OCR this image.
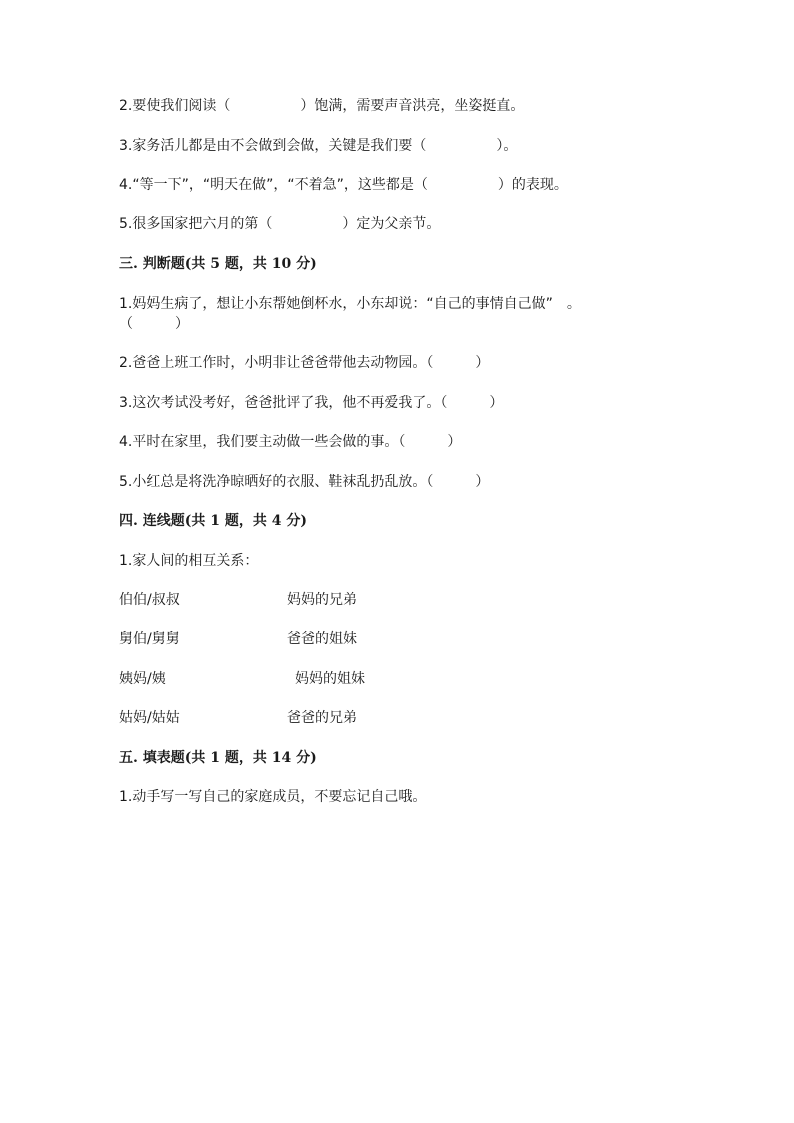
2.要使我们阅读（　　　　　）饱满，需要声音洪亮，坐姿挺直。
3.家务活儿都是由不会做到会做，关键是我们要（　　　　　）。
4.“等一下”，“明天在做”，“不着急”，这些都是（　　　　　）的表现。
5.很多国家把六月的第（　　　　　）定为父亲节。
三. 判断题(共 5 题，共 10 分)
1.妈妈生病了，想让小东帮她倒杯水，小东却说：“自己的事情自己做”　。
（　　　）
2.爸爸上班工作时，小明非让爸爸带他去动物园。（　　　）
3.这次考试没考好，爸爸批评了我，他不再爱我了。（　　　）
4.平时在家里，我们要主动做一些会做的事。（　　　）
5.小红总是将洗净晾晒好的衣服、鞋袜乱扔乱放。（　　　）
四. 连线题(共 1 题，共 4 分)
1.家人间的相互关系：
伯伯/叔叔	妈妈的兄弟
舅伯/舅舅	爸爸的姐妹
姨妈/姨	妈妈的姐妹
姑妈/姑姑	爸爸的兄弟
五. 填表题(共 1 题，共 14 分)
1.动手写一写自己的家庭成员，不要忘记自己哦。
